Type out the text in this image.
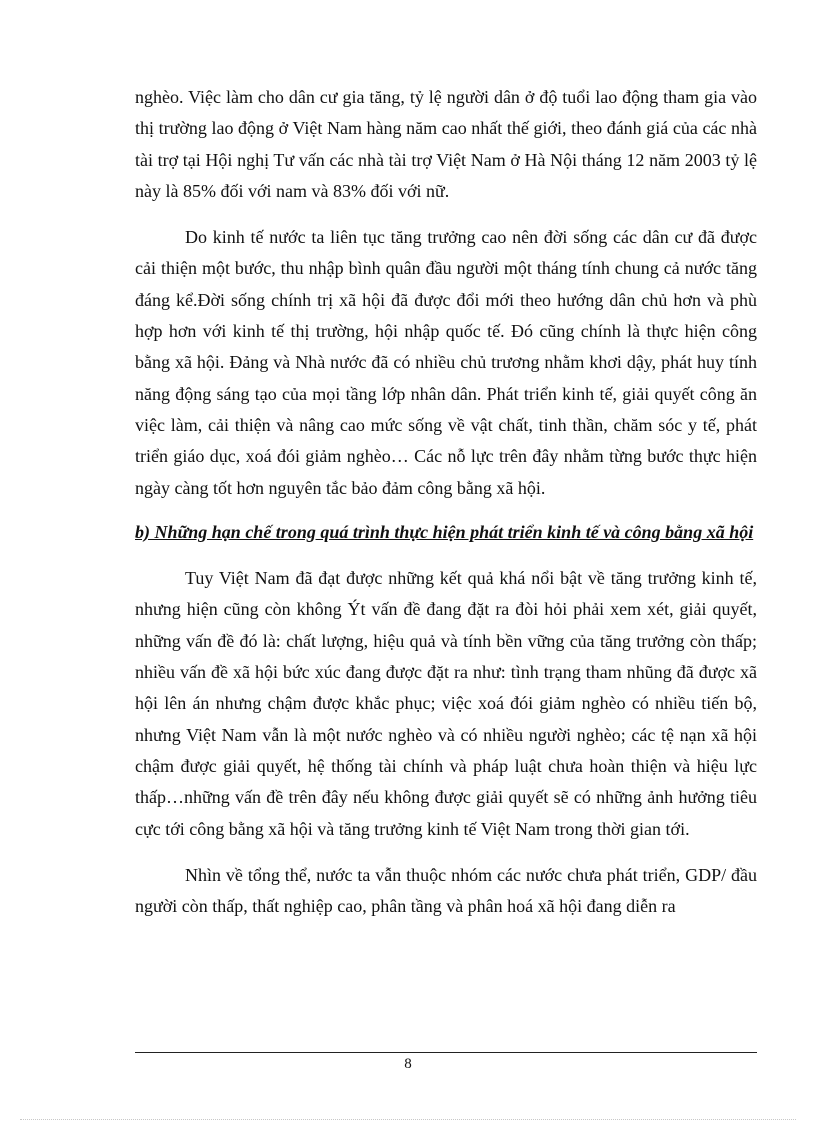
nghèo. Việc làm cho dân cư gia tăng, tỷ lệ người dân ở độ tuổi lao động tham gia vào thị trường lao động ở Việt Nam hàng năm cao nhất thế giới, theo đánh giá của các nhà tài trợ tại Hội nghị Tư vấn các nhà tài trợ Việt Nam ở Hà Nội tháng 12 năm 2003 tỷ lệ này là 85% đối với nam và 83% đối với nữ.

Do kinh tế nước ta liên tục tăng trưởng cao nên đời sống các dân cư đã được cải thiện một bước, thu nhập bình quân đầu người một tháng tính chung cả nước tăng đáng kể.Đời sống chính trị xã hội đã được đổi mới theo hướng dân chủ hơn và phù hợp hơn với kinh tế thị trường, hội nhập quốc tế. Đó cũng chính là thực hiện công bằng xã hội. Đảng và Nhà nước đã có nhiều chủ trương nhằm khơi dậy, phát huy tính năng động sáng tạo của mọi tầng lớp nhân dân. Phát triển kinh tế, giải quyết công ăn việc làm, cải thiện và nâng cao mức sống về vật chất, tinh thần, chăm sóc y tế, phát triển giáo dục, xoá đói giảm nghèo… Các nỗ lực trên đây nhằm từng bước thực hiện ngày càng tốt hơn nguyên tắc bảo đảm công bằng xã hội.

b) Những hạn chế trong quá trình thực hiện phát triển kinh tế và công bằng xã hội

Tuy Việt Nam đã đạt được những kết quả khá nổi bật về tăng trưởng kinh tế, nhưng hiện cũng còn không Ýt vấn đề đang đặt ra đòi hỏi phải xem xét, giải quyết, những vấn đề đó là: chất lượng, hiệu quả và tính bền vững của tăng trưởng còn thấp; nhiều vấn đề xã hội bức xúc đang được đặt ra như: tình trạng tham nhũng đã được xã hội lên án nhưng chậm được khắc phục; việc xoá đói giảm nghèo có nhiều tiến bộ, nhưng Việt Nam vẫn là một nước nghèo và có nhiều người nghèo; các tệ nạn xã hội chậm được giải quyết, hệ thống tài chính và pháp luật chưa hoàn thiện và hiệu lực thấp…những vấn đề trên đây nếu không được giải quyết sẽ có những ảnh hưởng tiêu cực tới công bằng xã hội và tăng trưởng kinh tế Việt Nam trong thời gian tới.

Nhìn về tổng thể, nước ta vẫn thuộc nhóm các nước chưa phát triển, GDP/ đầu người còn thấp, thất nghiệp cao, phân tầng và phân hoá xã hội đang diễn ra

8
